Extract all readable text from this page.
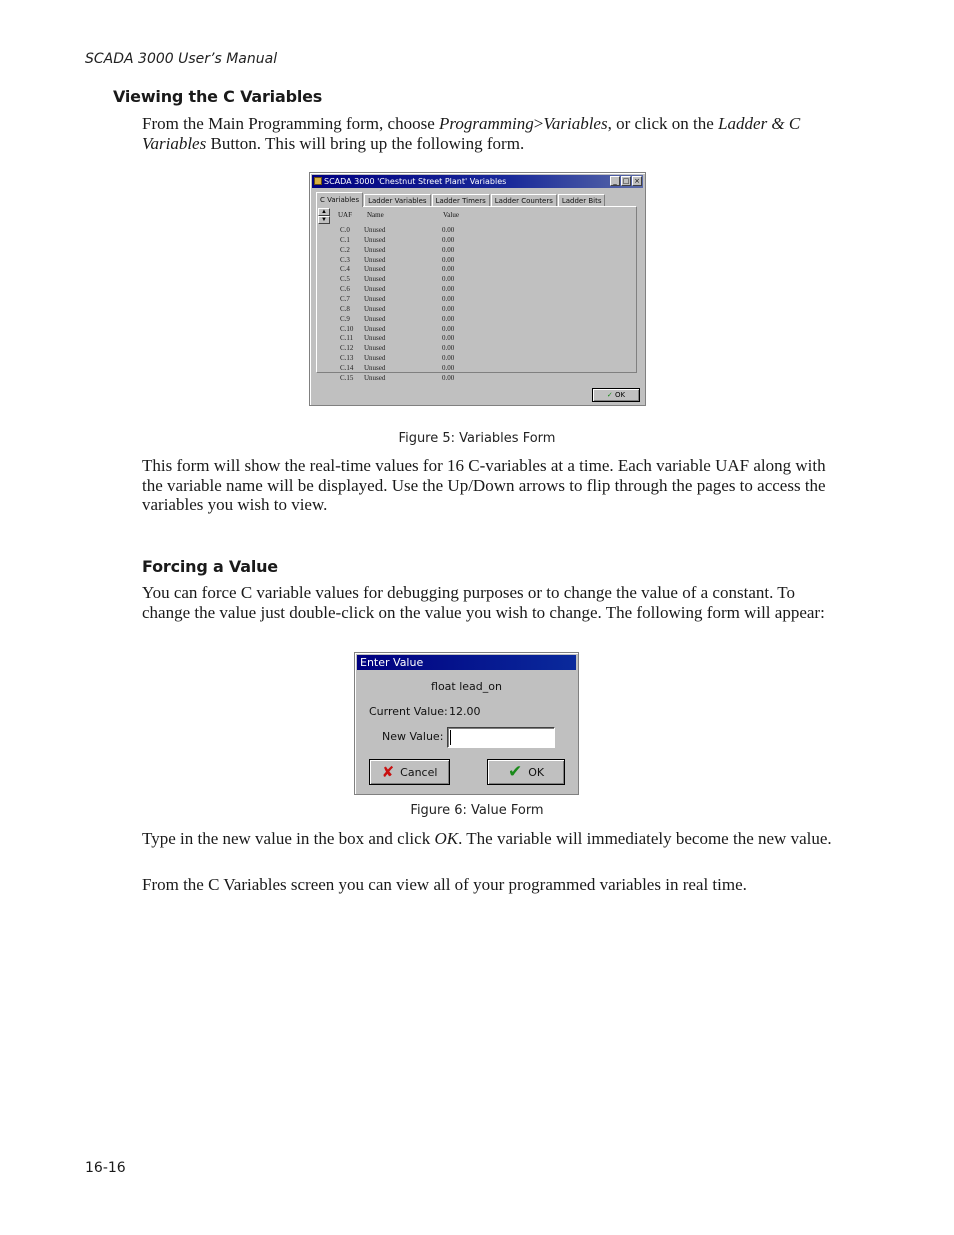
SCADA 3000 User’s Manual
Viewing the C Variables
From the Main Programming form, choose Programming>Variables, or click on the Ladder & C Variables Button. This will bring up the following form.
SCADA 3000 'Chestnut Street Plant' Variables	_ □ ×
C Variables	Ladder Variables	Ladder Timers	Ladder Counters	Ladder Bits
▲
▼
UAF Name	Value
C.0 Unused	0.00
C.1 Unused	0.00
C.2 Unused	0.00
C.3 Unused	0.00
C.4 Unused	0.00
C.5 Unused	0.00
C.6 Unused	0.00
C.7 Unused	0.00
C.8 Unused	0.00
C.9 Unused	0.00
C.10 Unused	0.00
C.11 Unused	0.00
C.12 Unused	0.00
C.13 Unused	0.00
C.14 Unused	0.00
C.15 Unused	0.00
✓ OK
Figure 5: Variables Form
This form will show the real-time values for 16 C-variables at a time. Each variable UAF along with the variable name will be displayed. Use the Up/Down arrows to flip through the pages to access the variables you wish to view.
Forcing a Value
You can force C variable values for debugging purposes or to change the value of a constant. To change the value just double-click on the value you wish to change. The following form will appear:
Enter Value
float lead_on
Current Value: 12.00
New Value:
✘ Cancel	✔ OK
Figure 6: Value Form
Type in the new value in the box and click OK. The variable will immediately become the new value.
From the C Variables screen you can view all of your programmed variables in real time.
16-16
